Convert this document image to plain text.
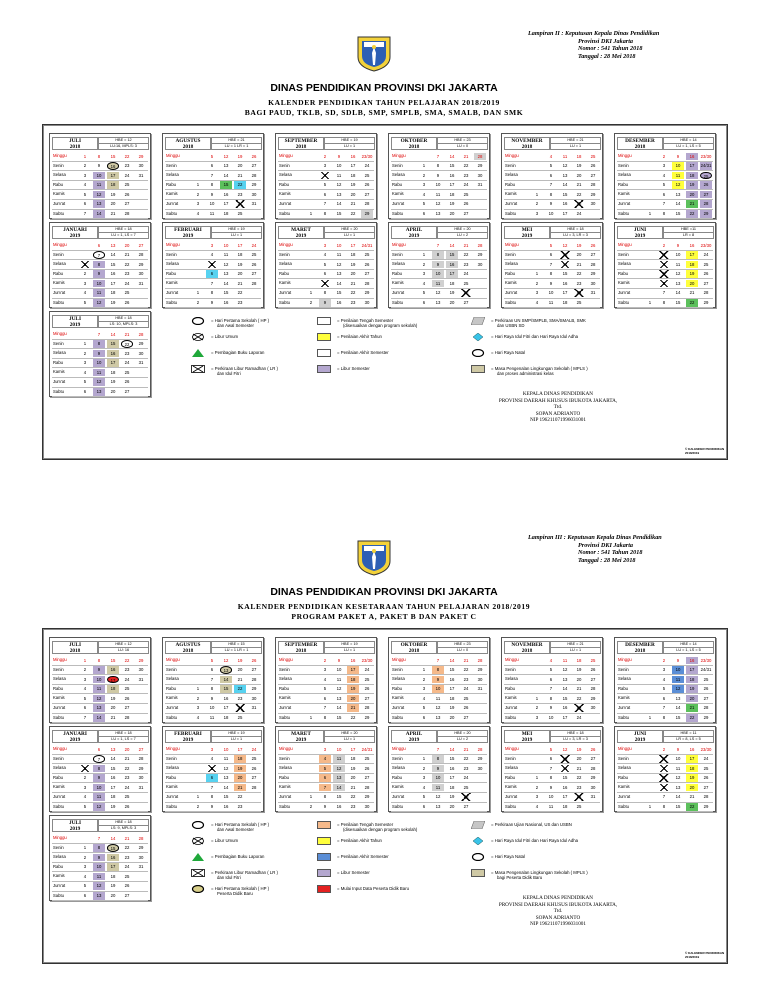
Lampiran II : Keputusan Kepala Dinas Pendidikan
Provinsi DKI Jakarta
Nomor : 541 Tahun 2018
Tanggal : 28 Mei 2018
DINAS PENDIDIKAN PROVINSI DKI JAKARTA
KALENDER PENDIDIKAN TAHUN PELAJARAN 2018/2019
BAGI PAUD, TKLB, SD, SDLB, SMP, SMPLB, SMA, SMALB, DAN SMK
JULI
2018
HBE = 12
LU:16, MPLS: 3
Minggu	1	8	15	22	29
Senin	2	9	16	23	30
Selasa	3	10	17	24	31
Rabu	4	11	18	25
Kamis	5	12	19	26
Jum'at	6	13	20	27
Sabtu	7	14	21	28
AGUSTUS
2018
HBE = 21
LU = 1 LR = 1
Minggu	5	12	19	26
Senin	6	13	20	27
Selasa	7	14	21	28
Rabu	1	8	15	22	29
Kamis	2	9	16	23	30
Jum'at	3	10	17	24	31
Sabtu	4	11	18	25
SEPTEMBER
2018
HBE = 19
LU = 1
Minggu	2	9	16	23/30
Senin	3	10	17	24
Selasa	4	11	18	25
Rabu	5	12	19	26
Kamis	6	13	20	27
Jum'at	7	14	21	28
Sabtu	1	8	15	22	29
OKTOBER
2018
HBE = 23
LU = 0
Minggu	7	14	21	28
Senin	1	8	15	22	29
Selasa	2	9	16	23	30
Rabu	3	10	17	24	31
Kamis	4	11	18	25
Jum'at	5	12	19	26
Sabtu	6	13	20	27
NOVEMBER
2018
HBE = 21
LU = 1
Minggu	4	11	18	25
Senin	5	12	19	26
Selasa	6	13	20	27
Rabu	7	14	21	28
Kamis	1	8	15	22	29
Jum'at	2	9	16	23	30
Sabtu	3	10	17	24
DESEMBER
2018
HBE = 14
LU = 1, LS = 5
Minggu	2	9	16	23/30
Senin	3	10	17	24/31
Selasa	4	11	18	25
Rabu	5	12	19	26
Kamis	6	13	20	27
Jum'at	7	14	21	28
Sabtu	1	8	15	22	29
JANUARI
2019
HBE = 18
LU = 1, LS = 7
Minggu	6	13	20	27
Senin	7	14	21	28
Selasa	1	8	15	22	29
Rabu	2	9	16	23	30
Kamis	3	10	17	24	31
Jum'at	4	11	18	25
Sabtu	5	12	19	26
FEBRUARI
2019
HBE = 19
LU = 1
Minggu	3	10	17	24
Senin	4	11	18	25
Selasa	5	12	19	26
Rabu	6	13	20	27
Kamis	7	14	21	28
Jum'at	1	8	15	22
Sabtu	2	9	16	23
MARET
2019
HBE = 20
LU = 1
Minggu	3	10	17	24/31
Senin	4	11	18	25
Selasa	5	12	19	26
Rabu	6	13	20	27
Kamis	7	14	21	28
Jum'at	1	8	15	22	29
Sabtu	2	9	16	23	30
APRIL
2019
HBE = 20
LU = 2
Minggu	7	14	21	28
Senin	1	8	15	22	29
Selasa	2	9	16	23	30
Rabu	3	10	17	24
Kamis	4	11	18	25
Jum'at	5	12	19	26
Sabtu	6	13	20	27
MEI
2019
HBE = 18
LU = 3, LR = 3
Minggu	5	12	19	26
Senin	6	13	20	27
Selasa	7	14	21	28
Rabu	1	8	15	22	29
Kamis	2	9	16	23	30
Jum'at	3	10	17	24	31
Sabtu	4	11	18	25
JUNI
2019
HBE =11
LR = 8
Minggu	2	9	16	23/30
Senin	3	10	17	24
Selasa	4	11	18	25
Rabu	5	12	19	26
Kamis	6	13	20	27
Jum'at	7	14	21	28
Sabtu	1	8	15	22	29
JULI
2019
HBE = 18
LS: 10, MPLS: 3
Minggu	7	14	21	28
Senin	1	8	15	22	29
Selasa	2	9	16	23	30
Rabu	3	10	17	24	31
Kamis	4	11	18	25
Jum'at	5	12	19	26
Sabtu	6	13	20	27
= Hari Pertama Sekolah ( HP )
dan Awal Semester
= Libur Umum

= Pembagian Buku Laporan

= Perkiraan Libur Ramadhan ( LR )
dan Idul Fitri
= Penilaian Tengah Semester
(disesuaikan dengan program sekolah)
= Penilaian Akhir Tahun

= Penilaian Akhir Semester

= Libur Semester

= Perkiraan UN SMP/SMPLB, SMA/SMALB, SMK
dan USBN SD
= Hari Raya Idul Fitri dan Hari Raya Idul Adha

= Hari Raya Natal

= Masa Pengenalan Lingkungan Sekolah ( MPLS )
dan proses administrasi kelas
KEPALA DINAS PENDIDIKAN
PROVINSI DAERAH KHUSUS IBUKOTA JAKARTA,
Ttd.
SOPAN ADRIANTO
NIP 196211071996031001
© KALENDER PENDIDIKAN 2018/2019
Lampiran III : Keputusan Kepala Dinas Pendidikan
Provinsi DKI Jakarta
Nomor : 541 Tahun 2018
Tanggal : 28 Mei 2018
DINAS PENDIDIKAN PROVINSI DKI JAKARTA
KALENDER PENDIDIKAN KESETARAAN TAHUN PELAJARAN 2018/2019
PROGRAM PAKET A, PAKET B DAN PAKET C
JULI
2018
HBE = 12
LU: 16
Minggu	1	8	15	22	29
Senin	2	9	16	23	30
Selasa	3	10	17	24	31
Rabu	4	11	18	25
Kamis	5	12	19	26
Jum'at	6	13	20	27
Sabtu	7	14	21	28
AGUSTUS
2018
HBE = 15
LU = 1 LR = 1
Minggu	5	12	19	26
Senin	6	13	20	27
Selasa	7	14	21	28
Rabu	1	8	15	22	29
Kamis	2	9	16	23	30
Jum'at	3	10	17	24	31
Sabtu	4	11	18	25
SEPTEMBER
2018
HBE = 19
LU = 1
Minggu	2	9	16	23/30
Senin	3	10	17	24
Selasa	4	11	18	25
Rabu	5	12	19	26
Kamis	6	13	20	27
Jum'at	7	14	21	28
Sabtu	1	8	15	22	29
OKTOBER
2018
HBE = 23
LU = 0
Minggu	7	14	21	28
Senin	1	8	15	22	29
Selasa	2	9	16	23	30
Rabu	3	10	17	24	31
Kamis	4	11	18	25
Jum'at	5	12	19	26
Sabtu	6	13	20	27
NOVEMBER
2018
HBE = 21
LU = 1
Minggu	4	11	18	25
Senin	5	12	19	26
Selasa	6	13	20	27
Rabu	7	14	21	28
Kamis	1	8	15	22	29
Jum'at	2	9	16	23	30
Sabtu	3	10	17	24
DESEMBER
2018
HBE = 14
LU = 1, LS = 5
Minggu	2	9	16	23/30
Senin	3	10	17	24/31
Selasa	4	11	18	25
Rabu	5	12	19	26
Kamis	6	13	20	27
Jum'at	7	14	21	28
Sabtu	1	8	15	22	29
JANUARI
2019
HBE = 18
LU = 1, LS = 7
Minggu	6	13	20	27
Senin	7	14	21	28
Selasa	1	8	15	22	29
Rabu	2	9	16	23	30
Kamis	3	10	17	24	31
Jum'at	4	11	18	25
Sabtu	5	12	19	26
FEBRUARI
2019
HBE = 19
LU = 1
Minggu	3	10	17	24
Senin	4	11	18	25
Selasa	5	12	19	26
Rabu	6	13	20	27
Kamis	7	14	21	28
Jum'at	1	8	15	22
Sabtu	2	9	16	23
MARET
2019
HBE = 20
LU = 1
Minggu	3	10	17	24/31
Senin	4	11	18	25
Selasa	5	12	19	26
Rabu	6	13	20	27
Kamis	7	14	21	28
Jum'at	1	8	15	22	29
Sabtu	2	9	16	23	30
APRIL
2019
HBE = 20
LU = 2
Minggu	7	14	21	28
Senin	1	8	15	22	29
Selasa	2	9	16	23	30
Rabu	3	10	17	24
Kamis	4	11	18	25
Jum'at	5	12	19	26
Sabtu	6	13	20	27
MEI
2019
HBE = 18
LU = 3, LR = 3
Minggu	5	12	19	26
Senin	6	13	20	27
Selasa	7	14	21	28
Rabu	1	8	15	22	29
Kamis	2	9	16	23	30
Jum'at	3	10	17	24	31
Sabtu	4	11	18	25
JUNI
2019
HBE = 11
LR = 8, LS = 5
Minggu	2	9	16	23/30
Senin	3	10	17	24
Selasa	4	11	18	25
Rabu	5	12	19	26
Kamis	6	13	20	27
Jum'at	7	14	21	28
Sabtu	1	8	15	22	29
JULI
2019
HBE = 18
LS: 9, MPLS: 3
Minggu	7	14	21	28
Senin	1	8	15	22	29
Selasa	2	9	16	23	30
Rabu	3	10	17	24	31
Kamis	4	11	18	25
Jum'at	5	12	19	26
Sabtu	6	13	20	27
= Hari Pertama Sekolah ( HP )
dan Awal Semester
= Libur Umum

= Pembagian Buku Laporan

= Perkiraan Libur Ramadhan ( LR )
dan Idul Fitri
= Penilaian Tengah Semester
(disesuaikan dengan program sekolah)
= Penilaian Akhir Tahun

= Penilaian Akhir Semester

= Libur Semester

= Perkiraan Ujian Nasional, US dan USBN

= Hari Raya Idul Fitri dan Hari Raya Idul Adha

= Hari Raya Natal

= Masa Pengenalan Lingkungan Sekolah ( MPLS )
bagi Peserta Didik Baru
= Hari Pertama Sekolah ( HP )
Peserta Didik Baru
= Mulai Input Data Peserta Didik Baru

KEPALA DINAS PENDIDIKAN
PROVINSI DAERAH KHUSUS IBUKOTA JAKARTA,
Ttd.
SOPAN ADRIANTO
NIP 196211071996031001
© KALENDER PENDIDIKAN 2018/2019
